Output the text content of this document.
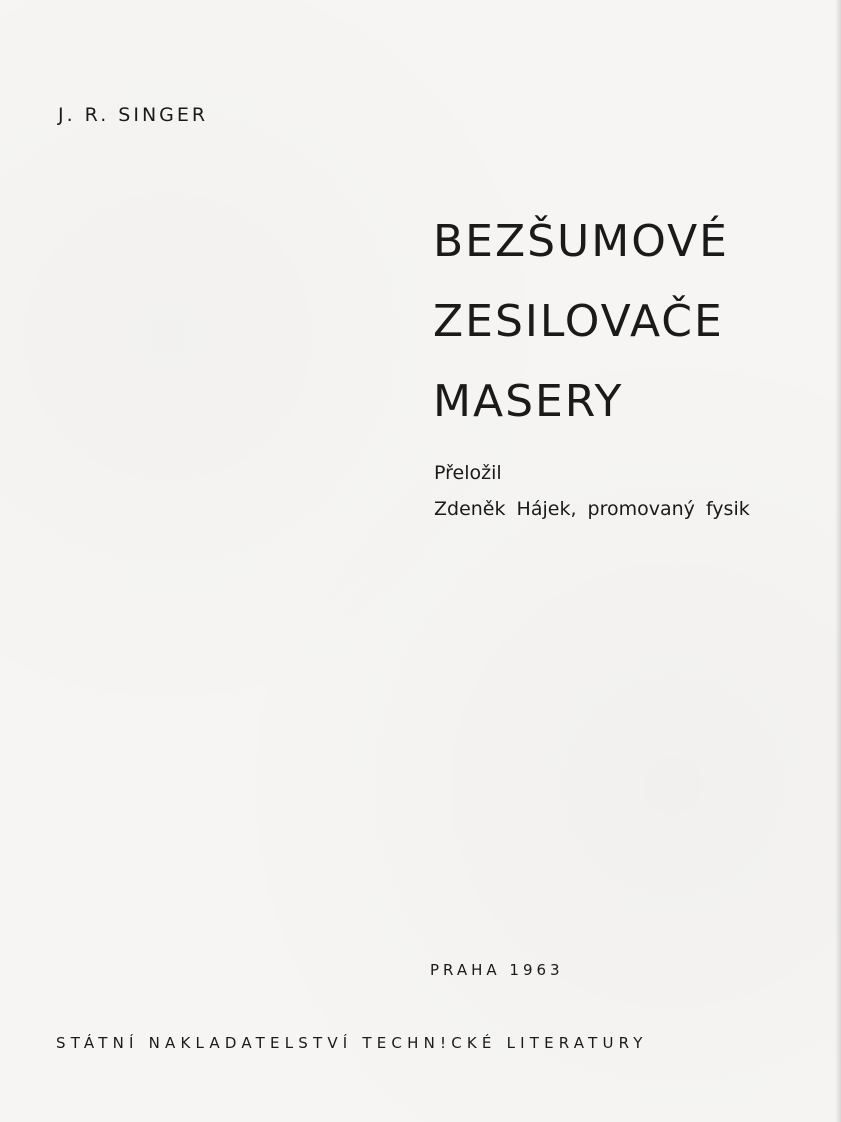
J. R. SINGER
BEZŠUMOVÉ
ZESILOVAČE
MASERY
Přeložil
Zdeněk Hájek, promovaný fysik
PRAHA 1963
STÁTNÍ NAKLADATELSTVÍ TECHN!CKÉ LITERATURY
